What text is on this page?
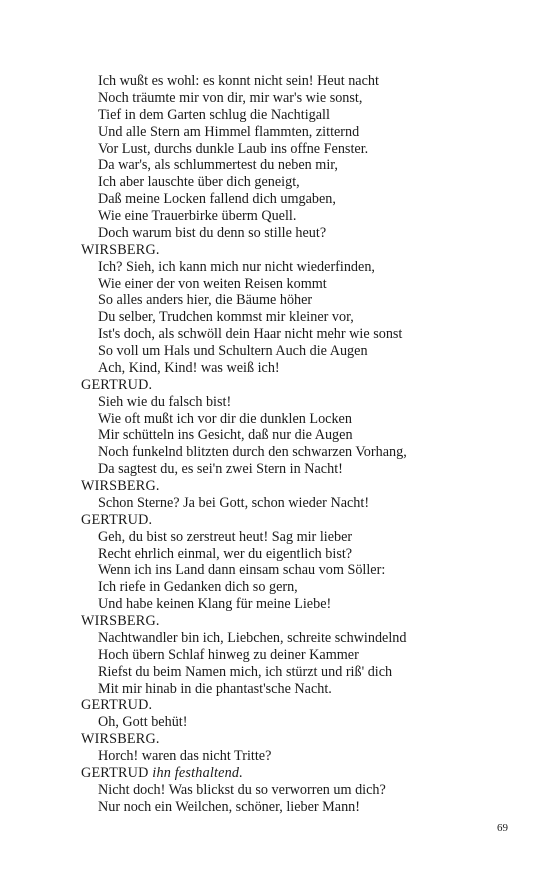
Ich wußt es wohl: es konnt nicht sein! Heut nacht
Noch träumte mir von dir, mir war's wie sonst,
Tief in dem Garten schlug die Nachtigall
Und alle Stern am Himmel flammten, zitternd
Vor Lust, durchs dunkle Laub ins offne Fenster.
Da war's, als schlummertest du neben mir,
Ich aber lauschte über dich geneigt,
Daß meine Locken fallend dich umgaben,
Wie eine Trauerbirke überm Quell.
Doch warum bist du denn so stille heut?
WIRSBERG.
Ich? Sieh, ich kann mich nur nicht wiederfinden,
Wie einer der von weiten Reisen kommt
So alles anders hier, die Bäume höher
Du selber, Trudchen kommst mir kleiner vor,
Ist's doch, als schwöll dein Haar nicht mehr wie sonst
So voll um Hals und Schultern Auch die Augen
Ach, Kind, Kind! was weiß ich!
GERTRUD.
Sieh wie du falsch bist!
Wie oft mußt ich vor dir die dunklen Locken
Mir schütteln ins Gesicht, daß nur die Augen
Noch funkelnd blitzten durch den schwarzen Vorhang,
Da sagtest du, es sei'n zwei Stern in Nacht!
WIRSBERG.
Schon Sterne? Ja bei Gott, schon wieder Nacht!
GERTRUD.
Geh, du bist so zerstreut heut! Sag mir lieber
Recht ehrlich einmal, wer du eigentlich bist?
Wenn ich ins Land dann einsam schau vom Söller:
Ich riefe in Gedanken dich so gern,
Und habe keinen Klang für meine Liebe!
WIRSBERG.
Nachtwandler bin ich, Liebchen, schreite schwindelnd
Hoch übern Schlaf hinweg zu deiner Kammer
Riefst du beim Namen mich, ich stürzt und riß' dich
Mit mir hinab in die phantast'sche Nacht.
GERTRUD.
Oh, Gott behüt!
WIRSBERG.
Horch! waren das nicht Tritte?
GERTRUD ihn festhaltend.
Nicht doch! Was blickst du so verworren um dich?
Nur noch ein Weilchen, schöner, lieber Mann!
69
